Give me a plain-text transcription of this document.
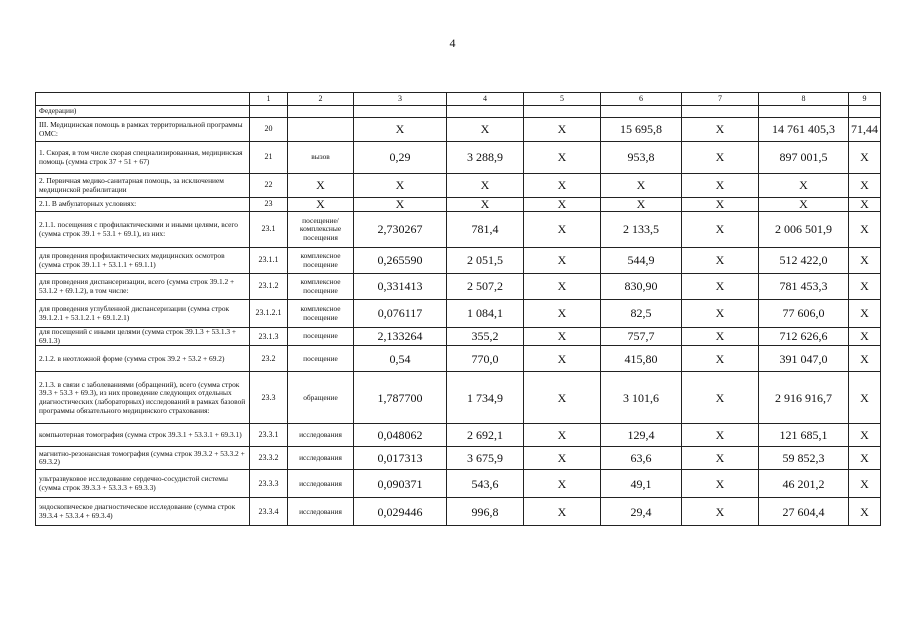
4
	1	2	3	4	5	6	7	8	9
Федерации)									
III. Медицинская помощь в рамках территориальной программы ОМС:	20		X	X	X	15 695,8	X	14 761 405,3	71,44
1. Скорая, в том числе скорая специализированная, медицинская помощь (сумма строк 37 + 51 + 67)	21	вызов	0,29	3 288,9	X	953,8	X	897 001,5	X
2. Первичная медико-санитарная помощь, за исключением медицинской реабилитации	22	X	X	X	X	X	X	X	X
2.1. В амбулаторных условиях:	23	X	X	X	X	X	X	X	X
2.1.1. посещения с профилактическими и иными целями, всего (сумма строк 39.1 + 53.1 + 69.1), из них:	23.1	посещение/ комплексные посещения	2,730267	781,4	X	2 133,5	X	2 006 501,9	X
для проведения профилактических медицинских осмотров (сумма строк 39.1.1 + 53.1.1 + 69.1.1)	23.1.1	комплексное посещение	0,265590	2 051,5	X	544,9	X	512 422,0	X
для проведения диспансеризации, всего (сумма строк 39.1.2 + 53.1.2 + 69.1.2), в том числе:	23.1.2	комплексное посещение	0,331413	2 507,2	X	830,90	X	781 453,3	X
для проведения углубленной диспансеризации (сумма строк 39.1.2.1 + 53.1.2.1 + 69.1.2.1)	23.1.2.1	комплексное посещение	0,076117	1 084,1	X	82,5	X	77 606,0	X
для посещений с иными целями (сумма строк 39.1.3 + 53.1.3 + 69.1.3)	23.1.3	посещение	2,133264	355,2	X	757,7	X	712 626,6	X
2.1.2. в неотложной форме (сумма строк 39.2 + 53.2 + 69.2)	23.2	посещение	0,54	770,0	X	415,80	X	391 047,0	X
2.1.3. в связи с заболеваниями (обращений), всего (сумма строк 39.3 + 53.3 + 69.3), из них проведение следующих отдельных диагностических (лабораторных) исследований в рамках базовой программы обязательного медицинского страхования:	23.3	обращение	1,787700	1 734,9	X	3 101,6	X	2 916 916,7	X
компьютерная томография (сумма строк 39.3.1 + 53.3.1 + 69.3.1)	23.3.1	исследования	0,048062	2 692,1	X	129,4	X	121 685,1	X
магнитно-резонансная томография (сумма строк 39.3.2 + 53.3.2 + 69.3.2)	23.3.2	исследования	0,017313	3 675,9	X	63,6	X	59 852,3	X
ультразвуковое исследование сердечно-сосудистой системы (сумма строк 39.3.3 + 53.3.3 + 69.3.3)	23.3.3	исследования	0,090371	543,6	X	49,1	X	46 201,2	X
эндоскопическое диагностическое исследование (сумма строк 39.3.4 + 53.3.4 + 69.3.4)	23.3.4	исследования	0,029446	996,8	X	29,4	X	27 604,4	X
